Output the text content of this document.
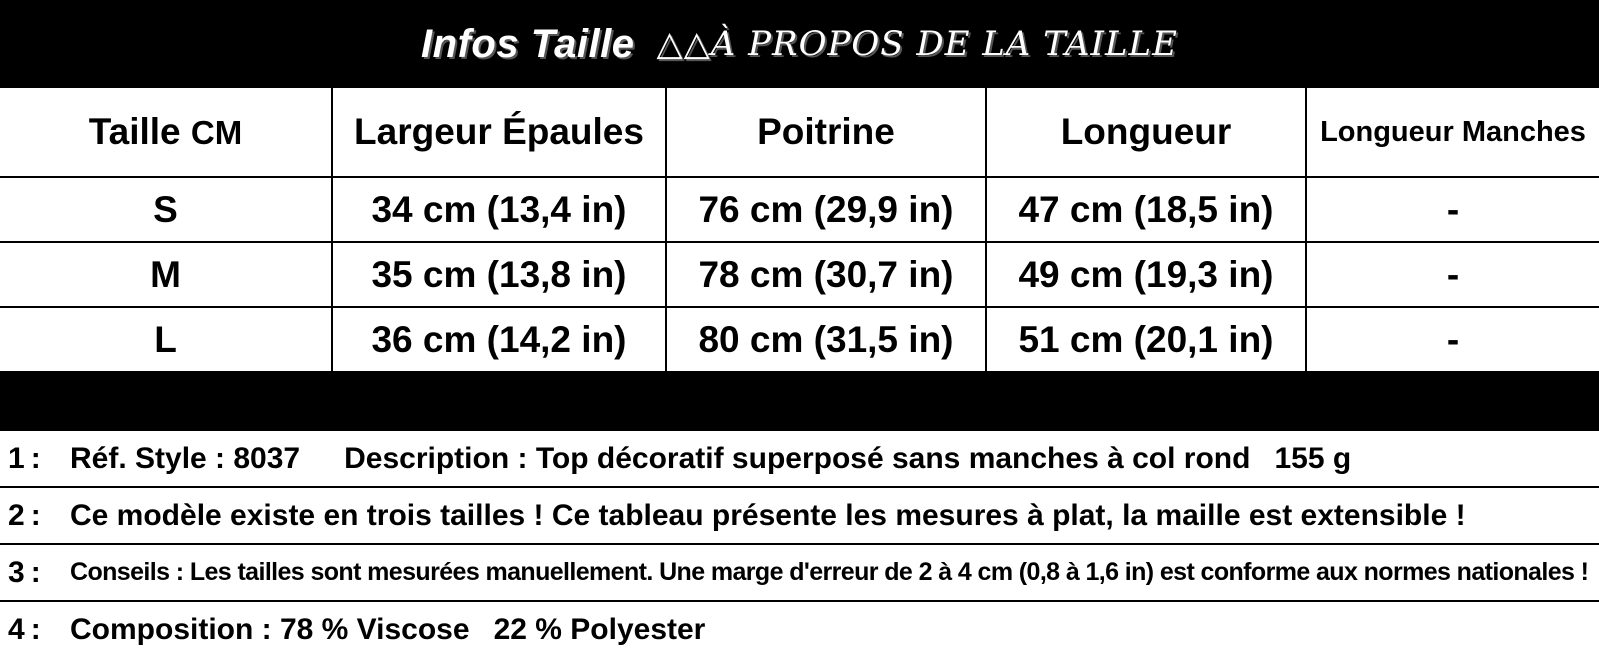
Infos Taille △△À PROPOS DE LA TAILLE
Taille CM	Largeur Épaules	Poitrine	Longueur	Longueur Manches
S	34 cm (13,4 in)	76 cm (29,9 in)	47 cm (18,5 in)	-
M	35 cm (13,8 in)	78 cm (30,7 in)	49 cm (19,3 in)	-
L	36 cm (14,2 in)	80 cm (31,5 in)	51 cm (20,1 in)	-
1 : Réf. Style : 8037 Description : Top décoratif superposé sans manches à col rond 155 g
2 : Ce modèle existe en trois tailles ! Ce tableau présente les mesures à plat, la maille est extensible !
3 :	Conseils : Les tailles sont mesurées manuellement. Une marge d'erreur de 2 à 4 cm (0,8 à 1,6 in) est conforme aux normes nationales !
4 : Composition : 78 % Viscose 22 % Polyester
